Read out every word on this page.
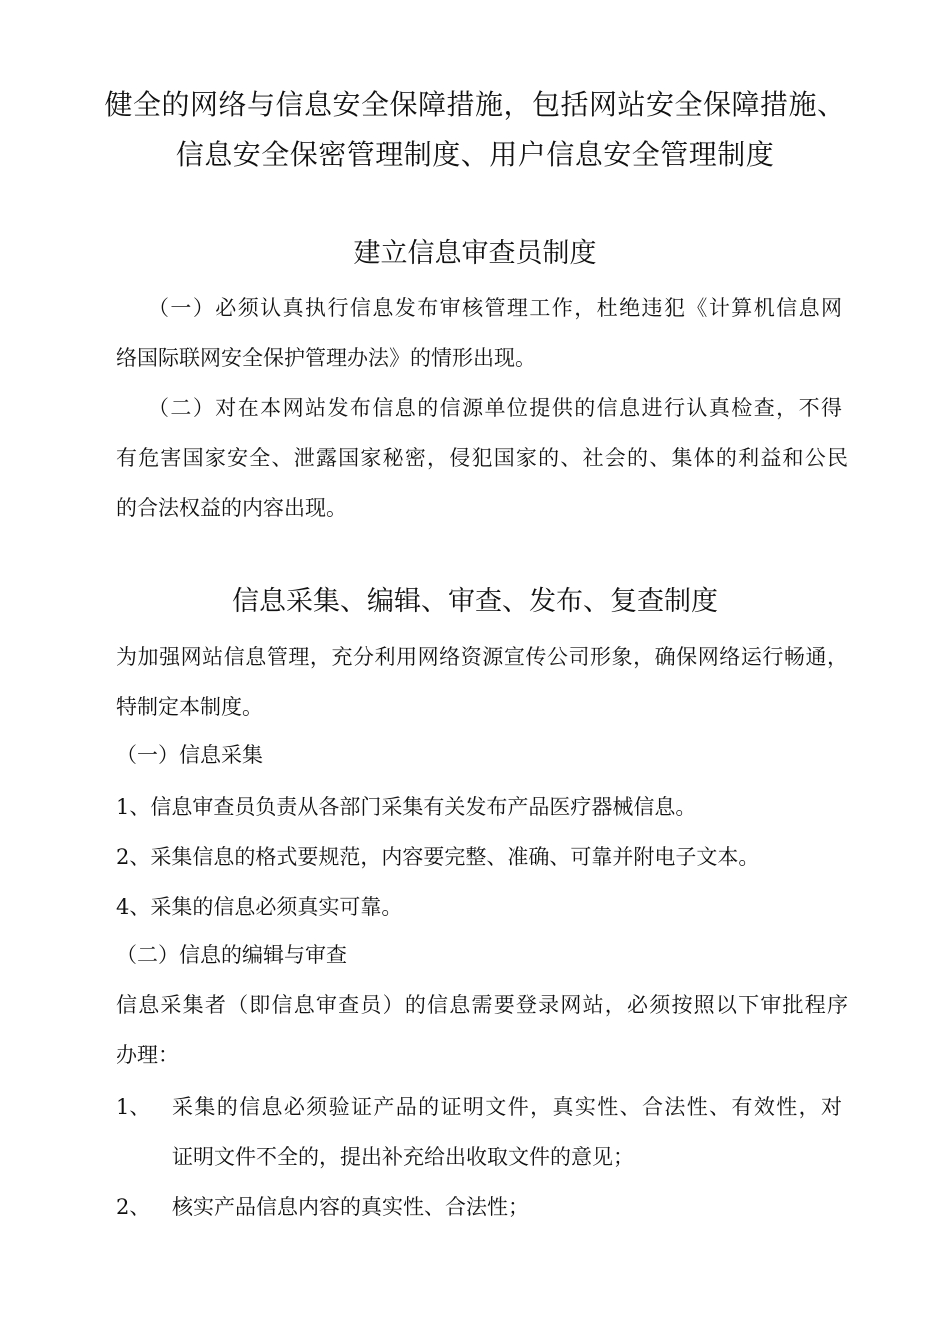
健全的网络与信息安全保障措施，包括网站安全保障措施、
信息安全保密管理制度、用户信息安全管理制度
建立信息审查员制度
（一）必须认真执行信息发布审核管理工作，杜绝违犯《计算机信息网
络国际联网安全保护管理办法》的情形出现。
（二）对在本网站发布信息的信源单位提供的信息进行认真检查，不得
有危害国家安全、泄露国家秘密，侵犯国家的、社会的、集体的利益和公民
的合法权益的内容出现。
信息采集、编辑、审查、发布、复查制度
为加强网站信息管理，充分利用网络资源宣传公司形象，确保网络运行畅通，
特制定本制度。
（一）信息采集
1、信息审查员负责从各部门采集有关发布产品医疗器械信息。
2、采集信息的格式要规范，内容要完整、准确、可靠并附电子文本。
4、采集的信息必须真实可靠。
（二）信息的编辑与审查
信息采集者（即信息审查员）的信息需要登录网站，必须按照以下审批程序
办理：
1、 采集的信息必须验证产品的证明文件，真实性、合法性、有效性，对
证明文件不全的，提出补充给出收取文件的意见；
2、 核实产品信息内容的真实性、合法性；
